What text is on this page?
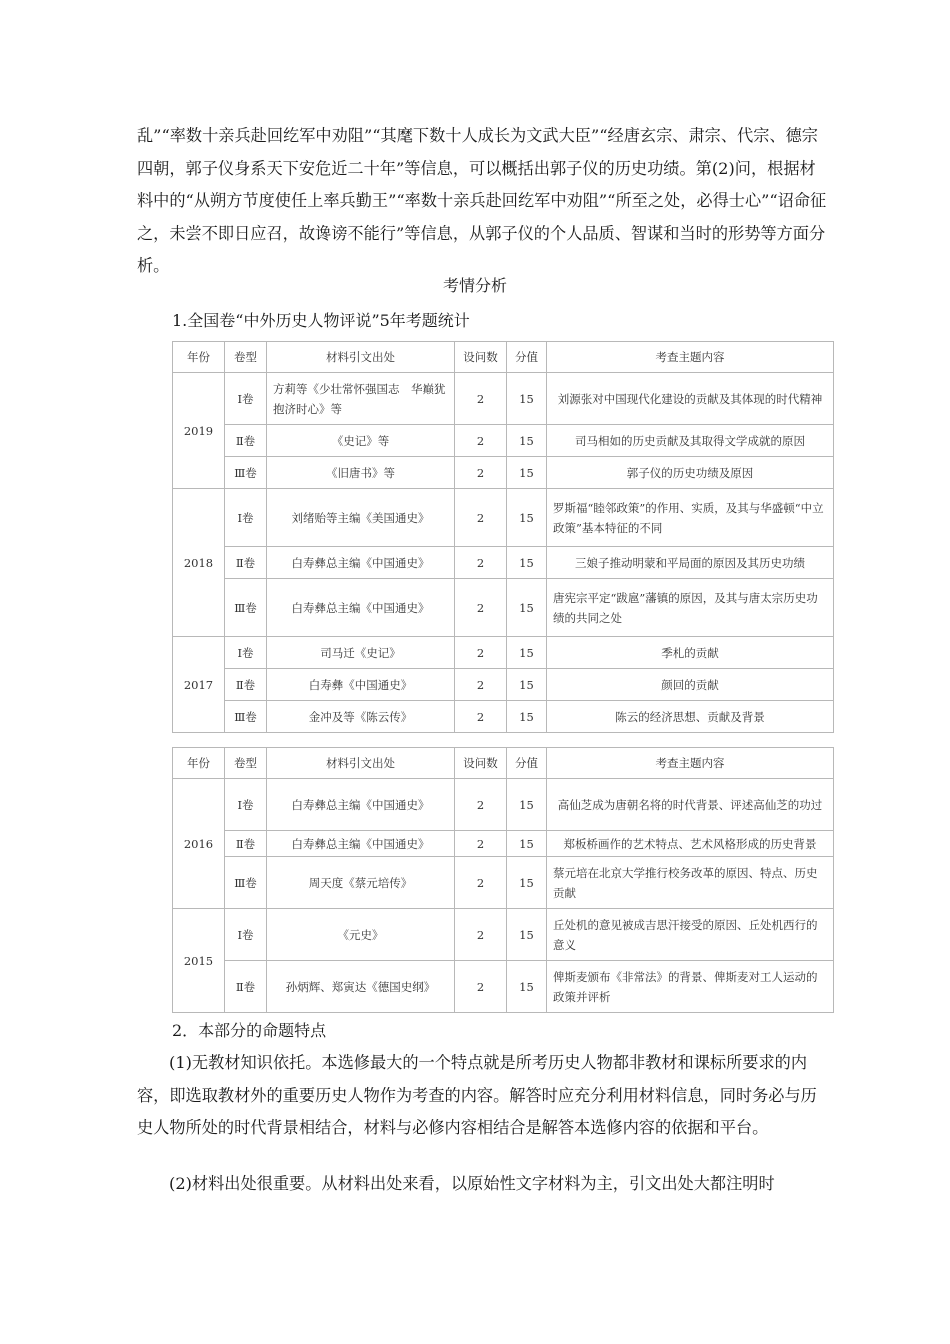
乱”“率数十亲兵赴回纥军中劝阻”“其麾下数十人成长为文武大臣”“经唐玄宗、肃宗、代宗、德宗四朝，郭子仪身系天下安危近二十年”等信息，可以概括出郭子仪的历史功绩。第(2)问，根据材料中的“从朔方节度使任上率兵勤王”“率数十亲兵赴回纥军中劝阻”“所至之处，必得士心”“诏命征之，未尝不即日应召，故谗谤不能行”等信息，从郭子仪的个人品质、智谋和当时的形势等方面分析。
考情分析
1.全国卷“中外历史人物评说”5年考题统计
年份	卷型	材料引文出处	设问数	分值	考查主题内容
2019	Ⅰ卷	方莉等《少壮常怀强国志　华巅犹抱济时心》等	2	15	刘源张对中国现代化建设的贡献及其体现的时代精神
	Ⅱ卷	《史记》等	2	15	司马相如的历史贡献及其取得文学成就的原因
	Ⅲ卷	《旧唐书》等	2	15	郭子仪的历史功绩及原因
2018	Ⅰ卷	刘绪贻等主编《美国通史》	2	15	罗斯福“睦邻政策”的作用、实质，及其与华盛顿“中立政策”基本特征的不同
	Ⅱ卷	白寿彝总主编《中国通史》	2	15	三娘子推动明蒙和平局面的原因及其历史功绩
	Ⅲ卷	白寿彝总主编《中国通史》	2	15	唐宪宗平定“跋扈”藩镇的原因，及其与唐太宗历史功绩的共同之处
2017	Ⅰ卷	司马迁《史记》	2	15	季札的贡献
	Ⅱ卷	白寿彝《中国通史》	2	15	颜回的贡献
	Ⅲ卷	金冲及等《陈云传》	2	15	陈云的经济思想、贡献及背景
年份	卷型	材料引文出处	设问数	分值	考查主题内容
2016	Ⅰ卷	白寿彝总主编《中国通史》	2	15	高仙芝成为唐朝名将的时代背景、评述高仙芝的功过
	Ⅱ卷	白寿彝总主编《中国通史》	2	15	郑板桥画作的艺术特点、艺术风格形成的历史背景
	Ⅲ卷	周天度《蔡元培传》	2	15	蔡元培在北京大学推行校务改革的原因、特点、历史贡献
2015	Ⅰ卷	《元史》	2	15	丘处机的意见被成吉思汗接受的原因、丘处机西行的意义
	Ⅱ卷	孙炳辉、郑寅达《德国史纲》	2	15	俾斯麦颁布《非常法》的背景、俾斯麦对工人运动的政策并评析
2．本部分的命题特点
(1)无教材知识依托。本选修最大的一个特点就是所考历史人物都非教材和课标所要求的内容，即选取教材外的重要历史人物作为考查的内容。解答时应充分利用材料信息，同时务必与历史人物所处的时代背景相结合，材料与必修内容相结合是解答本选修内容的依据和平台。
(2)材料出处很重要。从材料出处来看，以原始性文字材料为主，引文出处大都注明时
